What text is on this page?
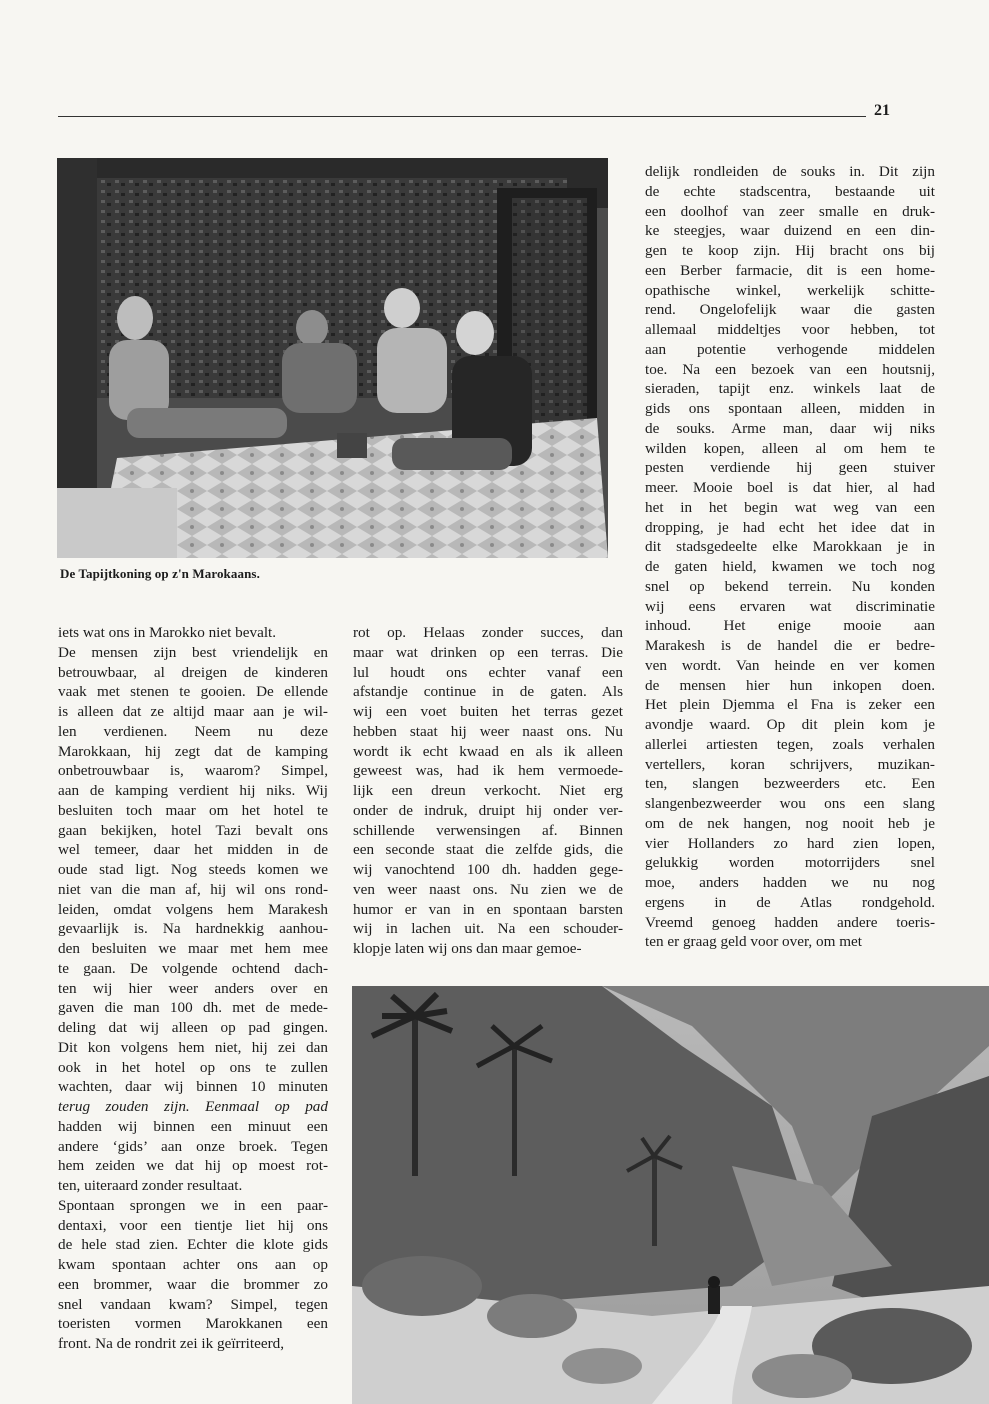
21
De Tapijtkoning op z'n Marokaans.

iets wat ons in Marokko niet bevalt.

De mensen zijn best vriendelijk en

betrouwbaar, al dreigen de kinderen

vaak met stenen te gooien. De ellende

is alleen dat ze altijd maar aan je wil-

len verdienen. Neem nu deze

Marokkaan, hij zegt dat de kamping

onbetrouwbaar is, waarom? Simpel,

aan de kamping verdient hij niks. Wij

besluiten toch maar om het hotel te

gaan bekijken, hotel Tazi bevalt ons

wel temeer, daar het midden in de

oude stad ligt. Nog steeds komen we

niet van die man af, hij wil ons rond-

leiden, omdat volgens hem Marakesh

gevaarlijk is. Na hardnekkig aanhou-

den besluiten we maar met hem mee

te gaan. De volgende ochtend dach-

ten wij hier weer anders over en

gaven die man 100 dh. met de mede-

deling dat wij alleen op pad gingen.

Dit kon volgens hem niet, hij zei dan

ook in het hotel op ons te zullen

wachten, daar wij binnen 10 minuten

terug zouden zijn. Eenmaal op pad

hadden wij binnen een minuut een

andere ‘gids’ aan onze broek. Tegen

hem zeiden we dat hij op moest rot-

ten, uiteraard zonder resultaat.

Spontaan sprongen we in een paar-

dentaxi, voor een tientje liet hij ons

de hele stad zien. Echter die klote gids

kwam spontaan achter ons aan op

een brommer, waar die brommer zo

snel vandaan kwam? Simpel, tegen

toeristen vormen Marokkanen een

front. Na de rondrit zei ik geïrriteerd,

rot op. Helaas zonder succes, dan

maar wat drinken op een terras. Die

lul houdt ons echter vanaf een

afstandje continue in de gaten. Als

wij een voet buiten het terras gezet

hebben staat hij weer naast ons. Nu

wordt ik echt kwaad en als ik alleen

geweest was, had ik hem vermoede-

lijk een dreun verkocht. Niet erg

onder de indruk, druipt hij onder ver-

schillende verwensingen af. Binnen

een seconde staat die zelfde gids, die

wij vanochtend 100 dh. hadden gege-

ven weer naast ons. Nu zien we de

humor er van in en spontaan barsten

wij in lachen uit. Na een schouder-

klopje laten wij ons dan maar gemoe-

delijk rondleiden de souks in. Dit zijn

de echte stadscentra, bestaande uit

een doolhof van zeer smalle en druk-

ke steegjes, waar duizend en een din-

gen te koop zijn. Hij bracht ons bij

een Berber farmacie, dit is een home-

opathische winkel, werkelijk schitte-

rend. Ongelofelijk waar die gasten

allemaal middeltjes voor hebben, tot

aan potentie verhogende middelen

toe. Na een bezoek van een houtsnij,

sieraden, tapijt enz. winkels laat de

gids ons spontaan alleen, midden in

de souks. Arme man, daar wij niks

wilden kopen, alleen al om hem te

pesten verdiende hij geen stuiver

meer. Mooie boel is dat hier, al had

het in het begin wat weg van een

dropping, je had echt het idee dat in

dit stadsgedeelte elke Marokkaan je in

de gaten hield, kwamen we toch nog

snel op bekend terrein. Nu konden

wij eens ervaren wat discriminatie

inhoud. Het enige mooie aan

Marakesh is de handel die er bedre-

ven wordt. Van heinde en ver komen

de mensen hier hun inkopen doen.

Het plein Djemma el Fna is zeker een

avondje waard. Op dit plein kom je

allerlei artiesten tegen, zoals verhalen

vertellers, koran schrijvers, muzikan-

ten, slangen bezweerders etc. Een

slangenbezweerder wou ons een slang

om de nek hangen, nog nooit heb je

vier Hollanders zo hard zien lopen,

gelukkig worden motorrijders snel

moe, anders hadden we nu nog

ergens in de Atlas rondgehold.

Vreemd genoeg hadden andere toeris-

ten er graag geld voor over, om met
